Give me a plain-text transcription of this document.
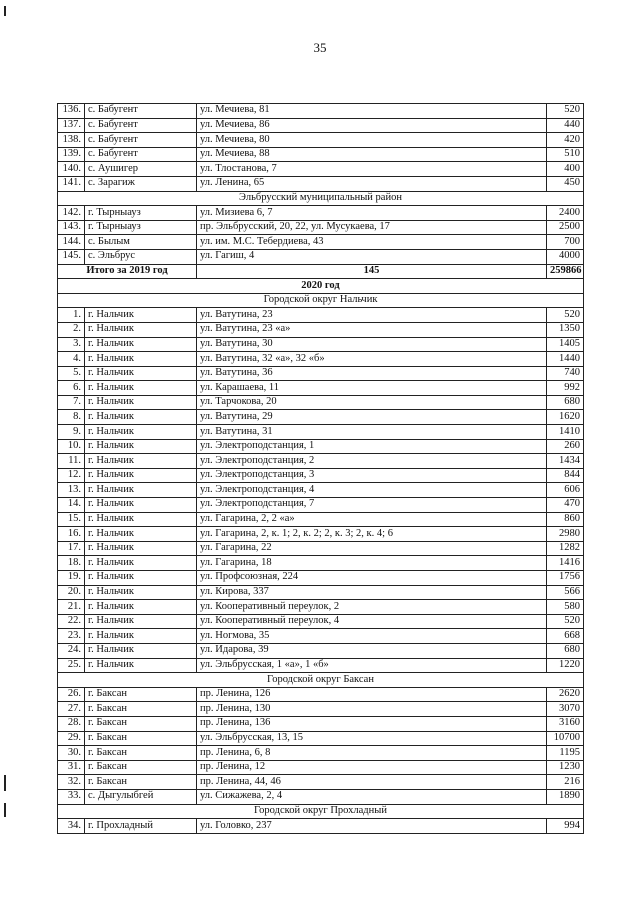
35
136.	с. Бабугент	ул. Мечиева, 81	520
137.	с. Бабугент	ул. Мечиева, 86	440
138.	с. Бабугент	ул. Мечиева, 80	420
139.	с. Бабугент	ул. Мечиева, 88	510
140.	с. Аушигер	ул. Тлостанова, 7	400
141.	с. Зарагиж	ул. Ленина, 65	450
Эльбрусский муниципальный район			
142.	г. Тырныауз	ул. Мизиева 6, 7	2400
143.	г. Тырныауз	пр. Эльбрусский, 20, 22, ул. Мусукаева, 17	2500
144.	с. Былым	ул. им. М.С. Тебердиева, 43	700
145.	с. Эльбрус	ул. Гагиш, 4	4000
Итого за 2019 год		145	259866
2020 год			
Городской округ Нальчик			
1.	г. Нальчик	ул. Ватутина, 23	520
2.	г. Нальчик	ул. Ватутина, 23 «а»	1350
3.	г. Нальчик	ул. Ватутина, 30	1405
4.	г. Нальчик	ул. Ватутина, 32 «а», 32 «б»	1440
5.	г. Нальчик	ул. Ватутина, 36	740
6.	г. Нальчик	ул. Карашаева, 11	992
7.	г. Нальчик	ул. Тарчокова, 20	680
8.	г. Нальчик	ул. Ватутина, 29	1620
9.	г. Нальчик	ул. Ватутина, 31	1410
10.	г. Нальчик	ул. Электроподстанция, 1	260
11.	г. Нальчик	ул. Электроподстанция, 2	1434
12.	г. Нальчик	ул. Электроподстанция, 3	844
13.	г. Нальчик	ул. Электроподстанция, 4	606
14.	г. Нальчик	ул. Электроподстанция, 7	470
15.	г. Нальчик	ул. Гагарина, 2, 2 «а»	860
16.	г. Нальчик	ул. Гагарина, 2, к. 1; 2, к. 2; 2, к. 3; 2, к. 4; 6	2980
17.	г. Нальчик	ул. Гагарина, 22	1282
18.	г. Нальчик	ул. Гагарина, 18	1416
19.	г. Нальчик	ул. Профсоюзная, 224	1756
20.	г. Нальчик	ул. Кирова, 337	566
21.	г. Нальчик	ул. Кооперативный переулок, 2	580
22.	г. Нальчик	ул. Кооперативный переулок, 4	520
23.	г. Нальчик	ул. Ногмова, 35	668
24.	г. Нальчик	ул. Идарова, 39	680
25.	г. Нальчик	ул. Эльбрусская, 1 «а», 1 «б»	1220
Городской округ Баксан			
26.	г. Баксан	пр. Ленина, 126	2620
27.	г. Баксан	пр. Ленина, 130	3070
28.	г. Баксан	пр. Ленина, 136	3160
29.	г. Баксан	ул. Эльбрусская, 13, 15	10700
30.	г. Баксан	пр. Ленина, 6, 8	1195
31.	г. Баксан	пр. Ленина, 12	1230
32.	г. Баксан	пр. Ленина, 44, 46	216
33.	с. Дыгулыбгей	ул. Сижажева, 2, 4	1890
Городской округ Прохладный			
34.	г. Прохладный	ул. Головко, 237	994
